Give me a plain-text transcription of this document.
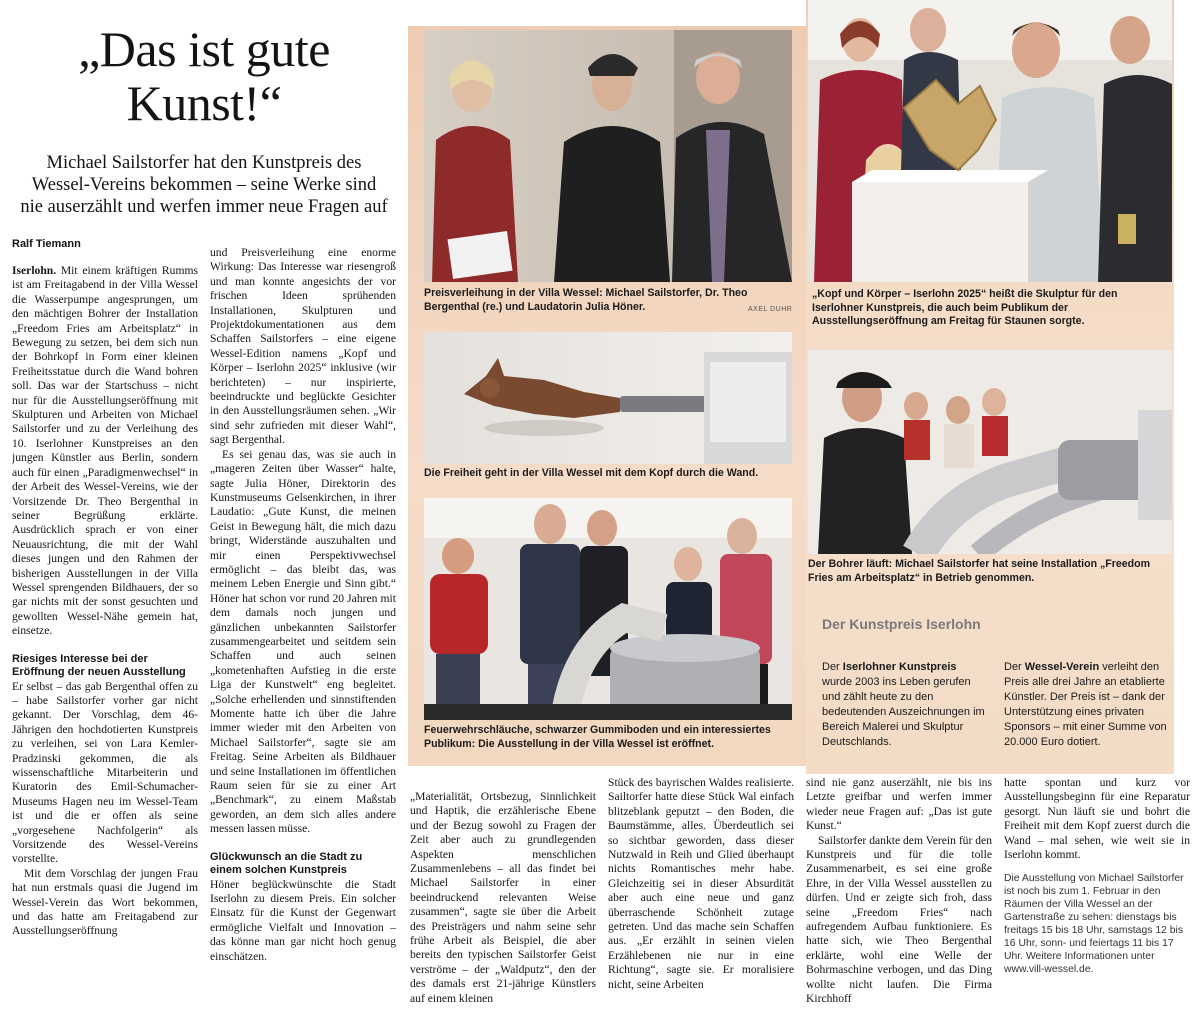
„Das ist gute
Kunst!“
Michael Sailstorfer hat den Kunstpreis des
Wessel-Vereins bekommen – seine Werke sind
nie auserzählt und werfen immer neue Fragen auf
Ralf Tiemann

Iserlohn. Mit einem kräftigen Rumms ist am Freitagabend in der Villa Wessel die Wasserpumpe angesprungen, um den mächtigen Bohrer der Installation „Freedom Fries am Arbeitsplatz“ in Bewegung zu setzen, bei dem sich nun der Bohrkopf in Form einer kleinen Freiheitsstatue durch die Wand bohren soll. Das war der Startschuss – nicht nur für die Ausstellungseröffnung mit Skulpturen und Arbeiten von Michael Sailstorfer und zu der Verleihung des 10. Iserlohner Kunstpreises an den jungen Künstler aus Berlin, sondern auch für einen „Paradigmenwechsel“ in der Arbeit des Wessel-Vereins, wie der Vorsitzende Dr. Theo Bergenthal in seiner Begrüßung erklärte. Ausdrücklich sprach er von einer Neuausrichtung, die mit der Wahl dieses jungen und den Rahmen der bisherigen Ausstellungen in der Villa Wessel sprengenden Bildhauers, der so gar nichts mit der sonst gesuchten und gewollten Wessel-Nähe gemein hat, einsetze.

Riesiges Interesse bei der Eröffnung der neuen Ausstellung

Er selbst – das gab Bergenthal offen zu – habe Sailstorfer vorher gar nicht gekannt. Der Vorschlag, dem 46-Jährigen den hochdotierten Kunstpreis zu verleihen, sei von Lara Kemler-Pradzinski gekommen, die als wissenschaftliche Mitarbeiterin und Kuratorin des Emil-Schumacher-Museums Hagen neu im Wessel-Team ist und die er offen als seine „vorgesehene Nachfolgerin“ als Vorsitzende des Wessel-Vereins vorstellte.

Mit dem Vorschlag der jungen Frau hat nun erstmals quasi die Jugend im Wessel-Verein das Wort bekommen, und das hatte am Freitagabend zur Ausstellungseröffnung

und Preisverleihung eine enorme Wirkung: Das Interesse war riesengroß und man konnte angesichts der vor frischen Ideen sprühenden Installationen, Skulpturen und Projektdokumentationen aus dem Schaffen Sailstorfers – eine eigene Wessel-Edition namens „Kopf und Körper – Iserlohn 2025“ inklusive (wir berichteten) – nur inspirierte, beeindruckte und beglückte Gesichter in den Ausstellungsräumen sehen. „Wir sind sehr zufrieden mit dieser Wahl“, sagt Bergenthal.

Es sei genau das, was sie auch in „mageren Zeiten über Wasser“ halte, sagte Julia Höner, Direktorin des Kunstmuseums Gelsenkirchen, in ihrer Laudatio: „Gute Kunst, die meinen Geist in Bewegung hält, die mich dazu bringt, Widerstände auszuhalten und mir einen Perspektivwechsel ermöglicht – das bleibt das, was meinem Leben Energie und Sinn gibt.“ Höner hat schon vor rund 20 Jahren mit dem damals noch jungen und gänzlichen unbekannten Sailstorfer zusammengearbeitet und seitdem sein Schaffen und auch seinen „kometenhaften Aufstieg in die erste Liga der Kunstwelt“ eng begleitet. „Solche erhellenden und sinnstiftenden Momente hatte ich über die Jahre immer wieder mit den Arbeiten von Michael Sailstorfer“, sagte sie am Freitag. Seine Arbeiten als Bildhauer und seine Installationen im öffentlichen Raum seien für sie zu einer Art „Benchmark“, zu einem Maßstab geworden, an dem sich alles andere messen lassen müsse.

Glückwunsch an die Stadt zu einem solchen Kunstpreis

Höner beglückwünschte die Stadt Iserlohn zu diesem Preis. Ein solcher Einsatz für die Kunst der Gegenwart ermögliche Vielfalt und Innovation – das könne man gar nicht hoch genug einschätzen.

Preisverleihung in der Villa Wessel: Michael Sailstorfer, Dr. Theo Bergenthal (re.) und Laudatorin Julia Höner.	AXEL DUHR
„Kopf und Körper – Iserlohn 2025“ heißt die Skulptur für den Iserlohner Kunstpreis, die auch beim Publikum der Ausstellungseröffnung am Freitag für Staunen sorgte.
Die Freiheit geht in der Villa Wessel mit dem Kopf durch die Wand.
Der Bohrer läuft: Michael Sailstorfer hat seine Installation „Freedom Fries am Arbeitsplatz“ in Betrieb genommen.
Feuerwehrschläuche, schwarzer Gummiboden und ein interessiertes Publikum: Die Ausstellung in der Villa Wessel ist eröffnet.
Der Kunstpreis Iserlohn
Der Iserlohner Kunstpreis wurde 2003 ins Leben gerufen und zählt heute zu den bedeutenden Auszeichnungen im Bereich Malerei und Skulptur Deutschlands.
Der Wessel-Verein verleiht den Preis alle drei Jahre an etablierte Künstler. Der Preis ist – dank der Unterstützung eines privaten Sponsors – mit einer Summe von 20.000 Euro dotiert.

„Materialität, Ortsbezug, Sinnlichkeit und Haptik, die erzählerische Ebene und der Bezug sowohl zu Fragen der Zeit aber auch zu grundlegenden Aspekten menschlichen Zusammenlebens – all das findet bei Michael Sailstorfer in einer beeindruckend relevanten Weise zusammen“, sagte sie über die Arbeit des Preisträgers und nahm seine sehr frühe Arbeit als Beispiel, die aber bereits den typischen Sailstorfer Geist verströme – der „Waldputz“, den der des damals erst 21-jährige Künstlers auf einem kleinen

Stück des bayrischen Waldes realisierte. Sailtorfer hatte diese Stück Wal einfach blitzeblank geputzt – den Boden, die Baumstämme, alles. Überdeutlich sei so sichtbar geworden, dass dieser Nutzwald in Reih und Glied überhaupt nichts Romantisches mehr habe. Gleichzeitig sei in dieser Absurdität aber auch eine neue und ganz überraschende Schönheit zutage getreten. Und das mache sein Schaffen aus. „Er erzählt in seinen vielen Erzählebenen nie nur in eine Richtung“, sagte sie. Er moralisiere nicht, seine Arbeiten

sind nie ganz auserzählt, nie bis ins Letzte greifbar und werfen immer wieder neue Fragen auf: „Das ist gute Kunst.“

Sailstorfer dankte dem Verein für den Kunstpreis und für die tolle Zusammenarbeit, es sei eine große Ehre, in der Villa Wessel ausstellen zu dürfen. Und er zeigte sich froh, dass seine „Freedom Fries“ nach aufregendem Aufbau funktioniere. Es hatte sich, wie Theo Bergenthal erklärte, wohl eine Welle der Bohrmaschine verbogen, und das Ding wollte nicht laufen. Die Firma Kirchhoff

hatte spontan und kurz vor Ausstellungsbeginn für eine Reparatur gesorgt. Nun läuft sie und bohrt die Freiheit mit dem Kopf zuerst durch die Wand – mal sehen, wie weit sie in Iserlohn kommt.

Die Ausstellung von Michael Sailstorfer ist noch bis zum 1. Februar in den Räumen der Villa Wessel an der Gartenstraße zu sehen: dienstags bis freitags 15 bis 18 Uhr, samstags 12 bis 16 Uhr, sonn- und feiertags 11 bis 17 Uhr. Weitere Informationen unter www.vill-wessel.de.
